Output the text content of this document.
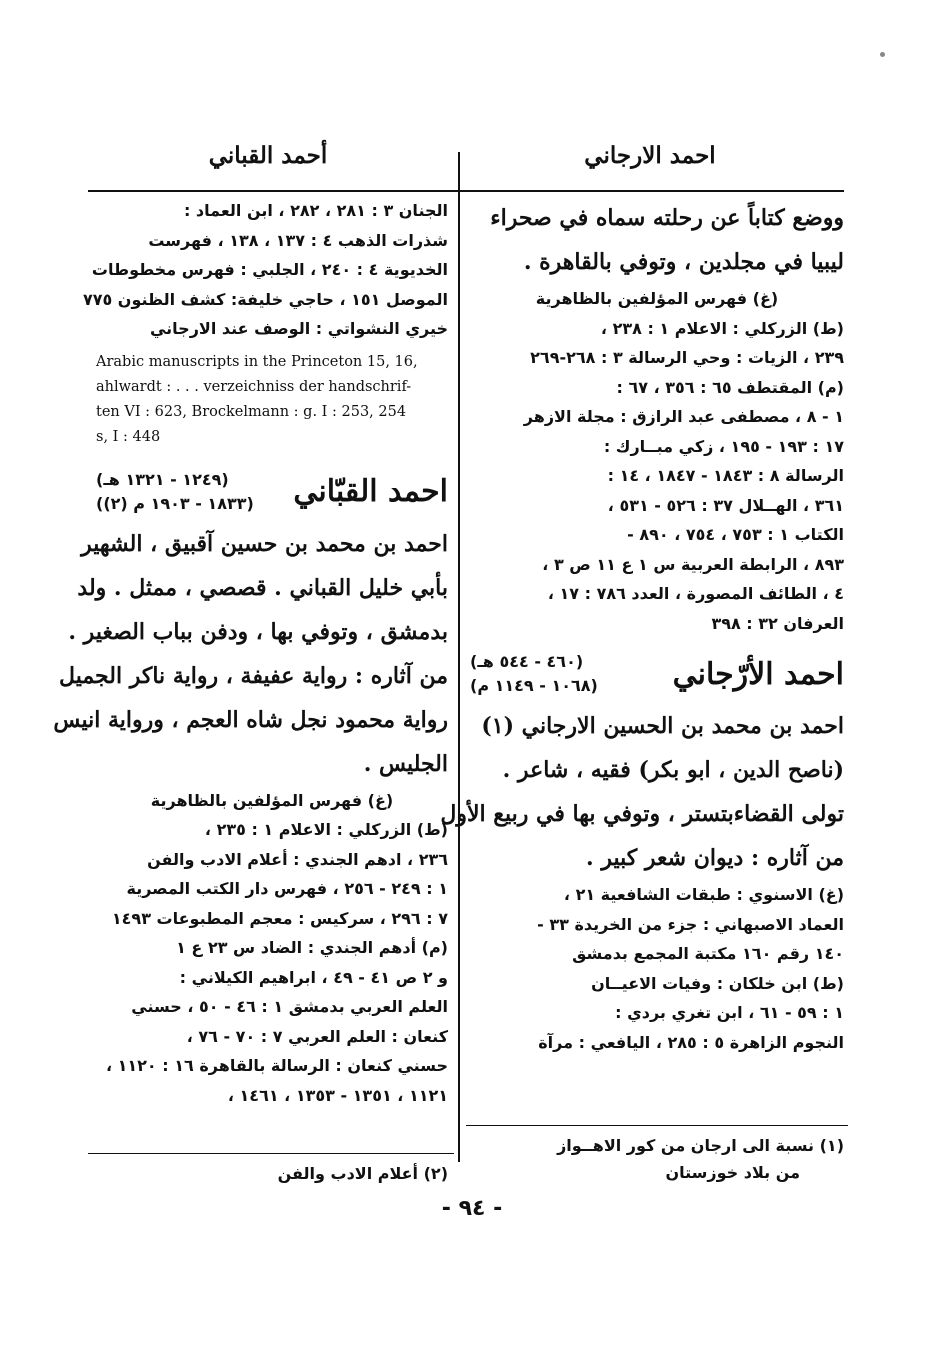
احمد الارجاني
أحمد القباني
ووضع كتاباً عن رحلته سماه في صحراء
ليبيا في مجلدين ، وتوفي بالقاهرة .
(غ) فهرس المؤلفين بالظاهرية
(ط) الزركلي : الاعلام ١ : ٢٣٨ ،
٢٣٩ ، الزيات : وحي الرسالة ٣ : ٢٦٨-٢٦٩
(م) المقتطف ٦٥ : ٣٥٦ ، ٦٧ :
١ - ٨ ، مصطفى عبد الرازق : مجلة الازهر
١٧ : ١٩٣ - ١٩٥ ، زكي مبــارك :
الرسالة ٨ : ١٨٤٣ - ١٨٤٧ ، ١٤ :
٣٦١ ، الهــلال ٣٧ : ٥٢٦ - ٥٣١ ،
الكتاب ١ : ٧٥٣ ، ٧٥٤ ، ٨٩٠ -
٨٩٣ ، الرابطة العربية س ١ ع ١١ ص ٣ ،
٤ ، الطائف المصورة ، العدد ٧٨٦ : ١٧ ،
العرفان ٣٢ : ٣٩٨
احمد الأرّجاني
(٤٦٠ - ٥٤٤ هـ)
(١٠٦٨ - ١١٤٩ م)
احمد بن محمد بن الحسين الارجاني (١)
(ناصح الدين ، ابو بكر) فقيه ، شاعر .
تولى القضاءبتستر ، وتوفي بها في ربيع الأول
من آثاره : ديوان شعر كبير .
(غ) الاسنوي : طبقات الشافعية ٢١ ،
العماد الاصبهاني : جزء من الخريدة ٣٣ -
١٤٠ رقم ١٦٠ مكتبة المجمع بدمشق
(ط) ابن خلكان : وفيات الاعيــان
١ : ٥٩ - ٦١ ، ابن تغري بردي :
النجوم الزاهرة ٥ : ٢٨٥ ، اليافعي : مرآة
(١) نسبة الى ارجان من كور الاهــواز
من بلاد خوزستان
الجنان ٣ : ٢٨١ ، ٢٨٢ ، ابن العماد :
شذرات الذهب ٤ : ١٣٧ ، ١٣٨ ، فهرست
الخديوية ٤ : ٢٤٠ ، الجلبي : فهرس مخطوطات
الموصل ١٥١ ، حاجي خليفة: كشف الظنون ٧٧٥
خيري النشواتي : الوصف عند الارجاني
Arabic manuscripts in the Princeton 15, 16,
ahlwardt : . . . verzeichniss der handschrif-
ten VI : 623, Brockelmann : g. I : 253, 254
s, I : 448
احمد القبّاني
(١٢٤٩ - ١٣٢١ هـ)
(١٨٣٣ - ١٩٠٣ م (٢))
احمد بن محمد بن حسين آقبيق ، الشهير
بأبي خليل القباني . قصصي ، ممثل . ولد
بدمشق ، وتوفي بها ، ودفن بباب الصغير .
من آثاره : رواية عفيفة ، رواية ناكر الجميل
رواية محمود نجل شاه العجم ، ورواية انيس
الجليس .
(غ) فهرس المؤلفين بالظاهرية
(ط) الزركلي : الاعلام ١ : ٢٣٥ ،
٢٣٦ ، ادهم الجندي : أعلام الادب والفن
١ : ٢٤٩ - ٢٥٦ ، فهرس دار الكتب المصرية
٧ : ٢٩٦ ، سركيس : معجم المطبوعات ١٤٩٣
(م) أدهم الجندي : الضاد س ٢٣ ع ١
و ٢ ص ٤١ - ٤٩ ، ابراهيم الكيلاني :
العلم العربي بدمشق ١ : ٤٦ - ٥٠ ، حسني
كنعان : العلم العربي ٧ : ٧٠ - ٧٦ ،
حسني كنعان : الرسالة بالقاهرة ١٦ : ١١٢٠ ،
١١٢١ ، ١٣٥١ - ١٣٥٣ ، ١٤٦١ ،
(٢) أعلام الادب والفن
- ٩٤ -
